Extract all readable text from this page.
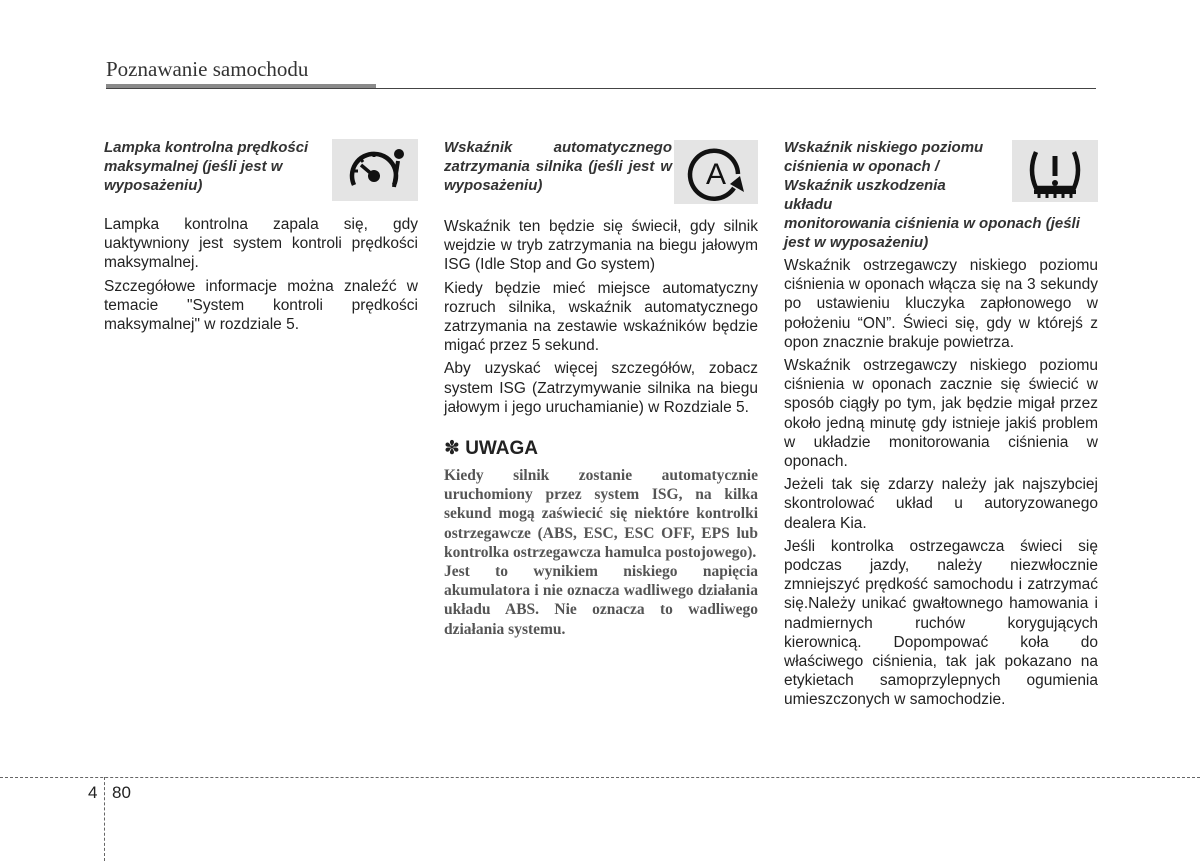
Poznawanie samochodu

Lampka kontrolna prędkości maksymalnej (jeśli jest w wyposażeniu)

Lampka kontrolna zapala się, gdy uaktywniony jest system kontroli prędkości maksymalnej.

Szczegółowe informacje można znaleźć w temacie "System kontroli prędkości maksymalnej" w rozdziale 5.

A

Wskaźnik automatycznego zatrzymania silnika (jeśli jest w wyposażeniu)

Wskaźnik ten będzie się świecił, gdy silnik wejdzie w tryb zatrzymania na biegu jałowym ISG (Idle Stop and Go system)

Kiedy będzie mieć miejsce automatyczny rozruch silnika, wskaźnik automatycznego zatrzymania na zestawie wskaźników będzie migać przez 5 sekund.

Aby uzyskać więcej szczegółów, zobacz system ISG (Zatrzymywanie silnika na biegu jałowym i jego uruchamianie) w Rozdziale 5.

✽ UWAGA

Kiedy silnik zostanie automatycznie uruchomiony przez system ISG, na kilka sekund mogą zaświecić się niektóre kontrolki ostrzegawcze (ABS, ESC, ESC OFF, EPS lub kontrolka ostrzegawcza hamulca postojowego).

Jest to wynikiem niskiego napięcia akumulatora i nie oznacza wadliwego działania układu ABS. Nie oznacza to wadliwego działania systemu.

Wskaźnik niskiego poziomu ciśnienia w oponach / Wskaźnik uszkodzenia układu

monitorowania ciśnienia w oponach (jeśli jest w wyposażeniu)

Wskaźnik ostrzegawczy niskiego poziomu ciśnienia w oponach włącza się na 3 sekundy po ustawieniu kluczyka zapłonowego w położeniu “ON”. Świeci się, gdy w którejś z opon znacznie brakuje powietrza.

Wskaźnik ostrzegawczy niskiego poziomu ciśnienia w oponach zacznie się świecić w sposób ciągły po tym, jak będzie migał przez około jedną minutę gdy istnieje jakiś problem w układzie monitorowania ciśnienia w oponach.

Jeżeli tak się zdarzy należy jak najszybciej skontrolować układ u autoryzowanego dealera Kia.

Jeśli kontrolka ostrzegawcza świeci się podczas jazdy, należy niezwłocznie zmniejszyć prędkość samochodu i zatrzymać się.Należy unikać gwałtownego hamowania i nadmiernych ruchów korygujących kierownicą. Dopompować koła do właściwego ciśnienia, tak jak pokazano na etykietach samoprzylepnych ogumienia umieszczonych w samochodzie.

4 80
